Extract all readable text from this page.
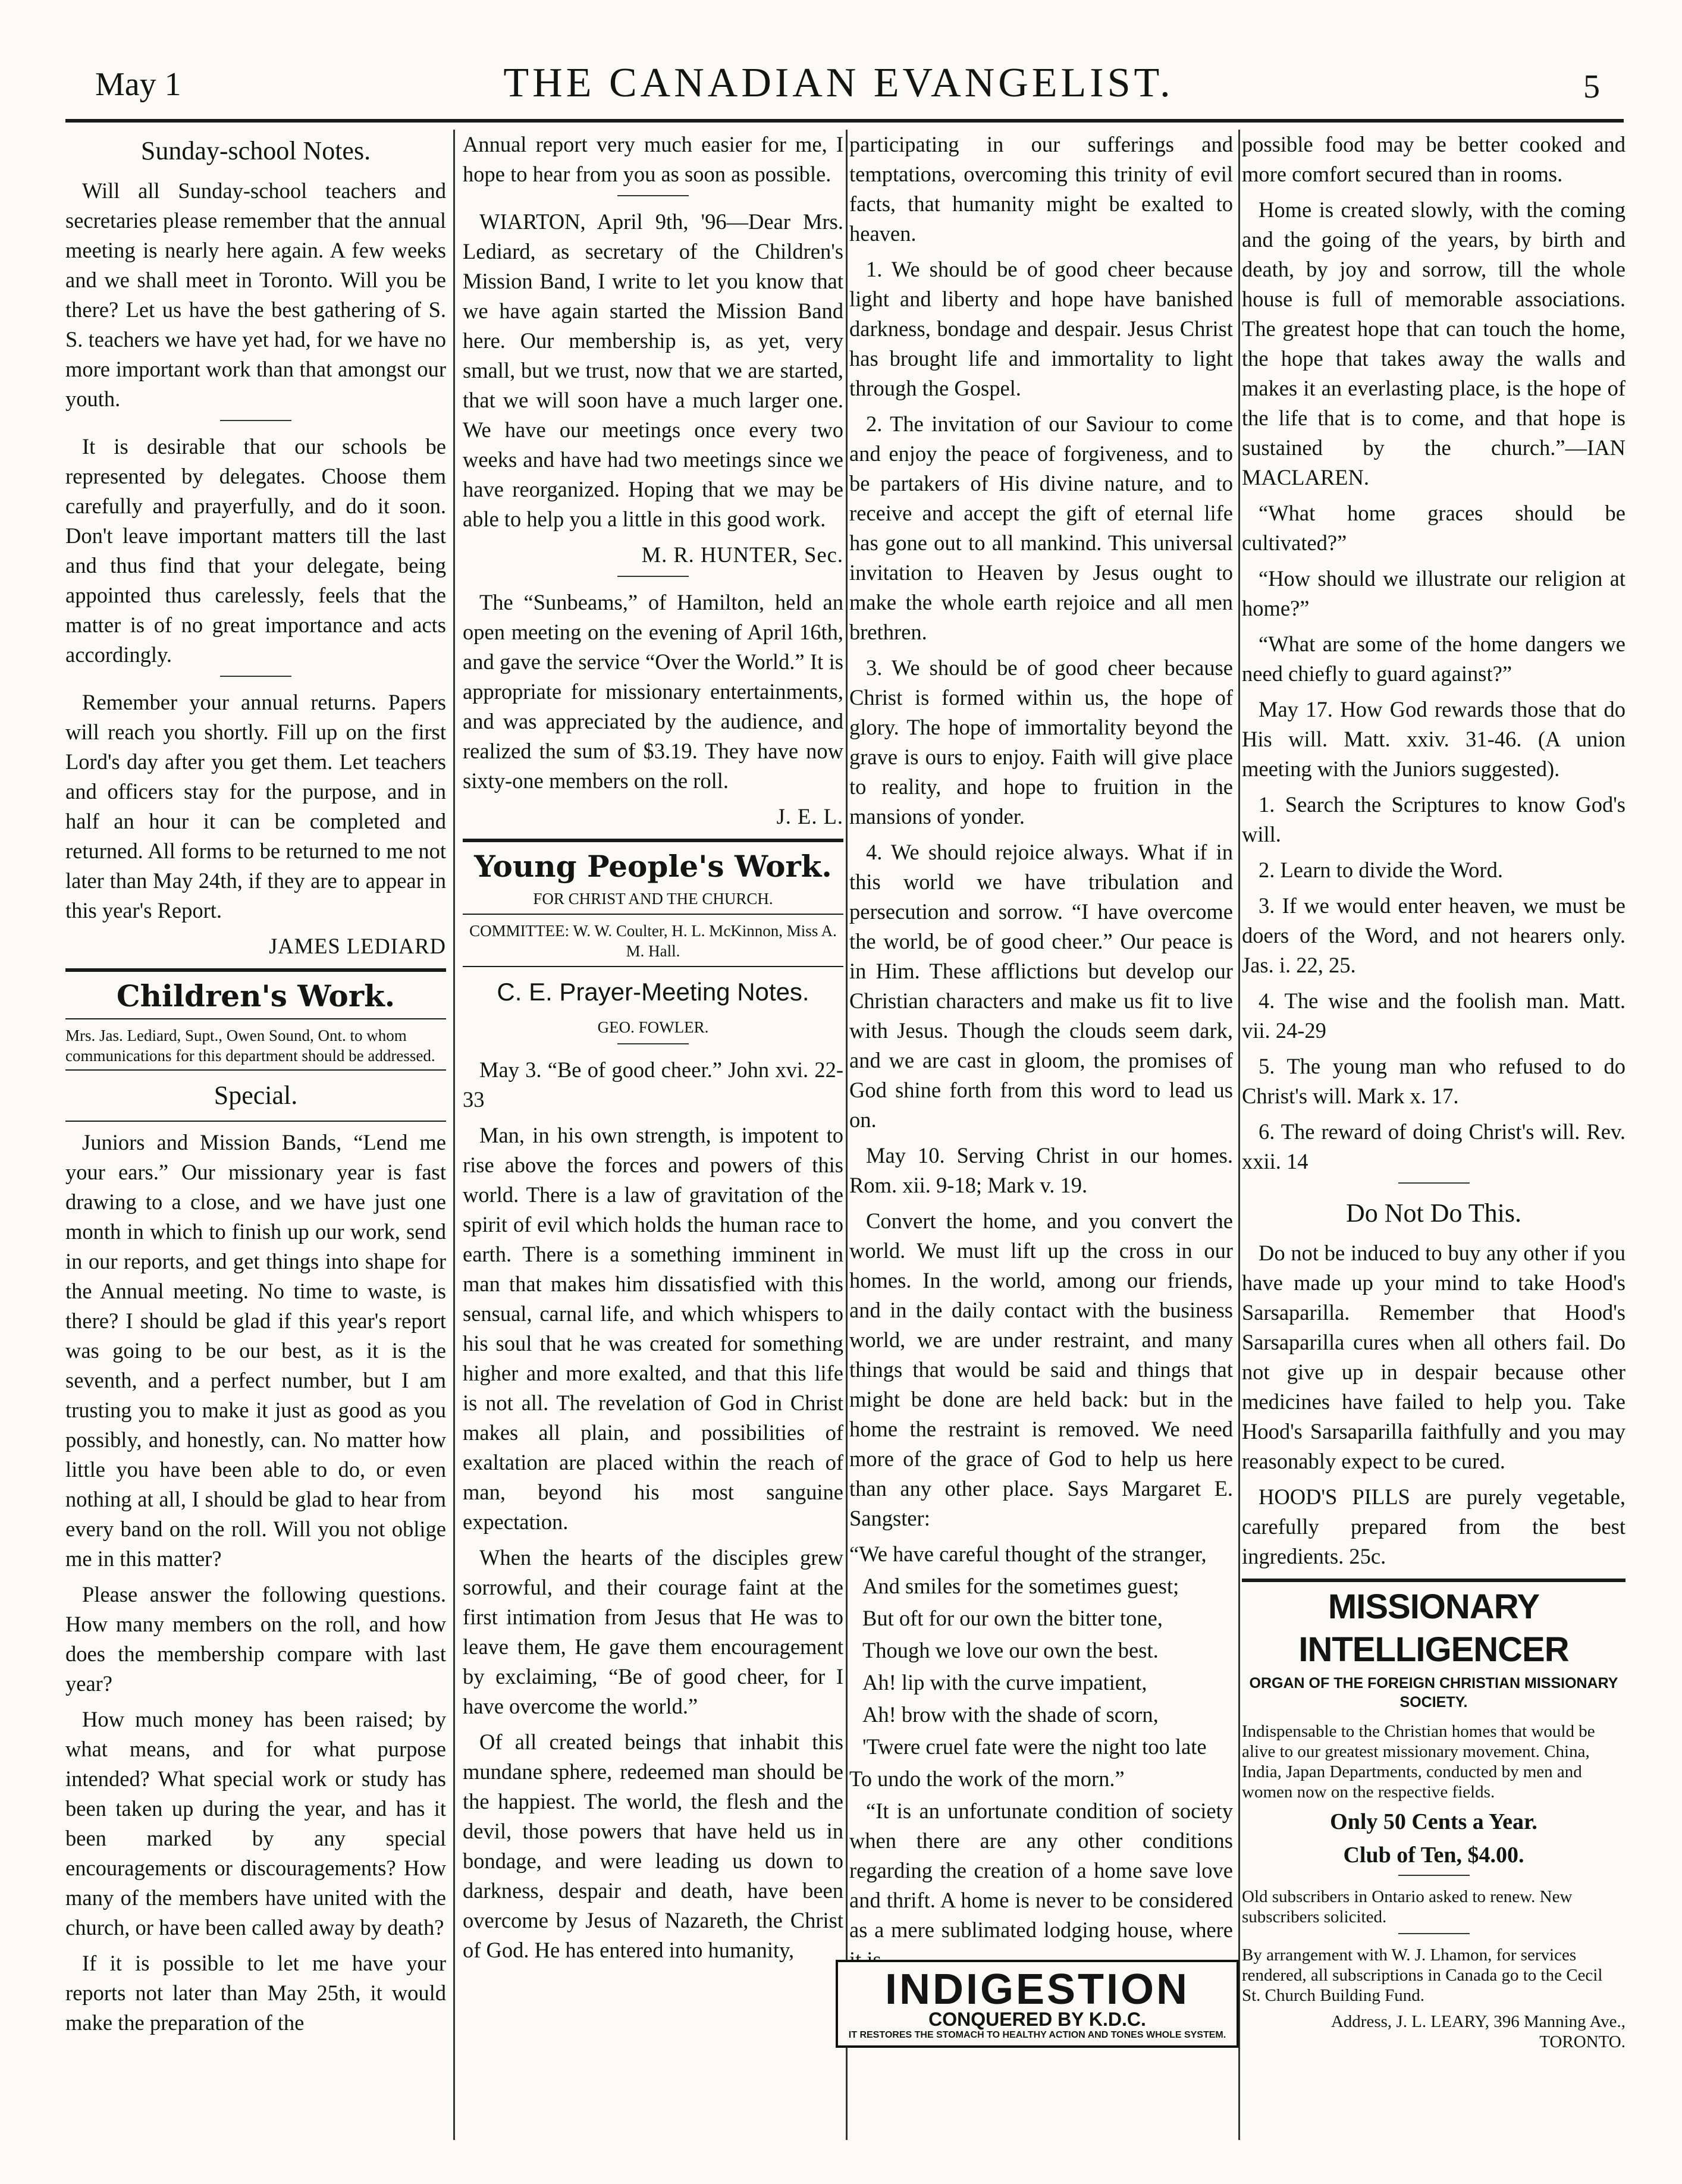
May 1	THE CANADIAN EVANGELIST.	5
Sunday-school Notes.

Will all Sunday-school teachers and secretaries please remember that the annual meeting is nearly here again. A few weeks and we shall meet in Toronto. Will you be there? Let us have the best gathering of S. S. teachers we have yet had, for we have no more important work than that amongst our youth.

It is desirable that our schools be represented by delegates. Choose them carefully and prayerfully, and do it soon. Don't leave important matters till the last and thus find that your delegate, being appointed thus carelessly, feels that the matter is of no great importance and acts accordingly.

Remember your annual returns. Papers will reach you shortly. Fill up on the first Lord's day after you get them. Let teachers and officers stay for the purpose, and in half an hour it can be completed and returned. All forms to be returned to me not later than May 24th, if they are to appear in this year's Report.

JAMES LEDIARD

Children's Work.

Mrs. Jas. Lediard, Supt., Owen Sound, Ont. to whom communications for this department should be addressed.

Special.

Juniors and Mission Bands, “Lend me your ears.” Our missionary year is fast drawing to a close, and we have just one month in which to finish up our work, send in our reports, and get things into shape for the Annual meeting. No time to waste, is there? I should be glad if this year's report was going to be our best, as it is the seventh, and a perfect number, but I am trusting you to make it just as good as you possibly, and honestly, can. No matter how little you have been able to do, or even nothing at all, I should be glad to hear from every band on the roll. Will you not oblige me in this matter?

Please answer the following questions. How many members on the roll, and how does the membership compare with last year?

How much money has been raised; by what means, and for what purpose intended? What special work or study has been taken up during the year, and has it been marked by any special encouragements or discouragements? How many of the members have united with the church, or have been called away by death?

If it is possible to let me have your reports not later than May 25th, it would make the preparation of the

Annual report very much easier for me, I hope to hear from you as soon as possible.

WIARTON, April 9th, '96—Dear Mrs. Lediard, as secretary of the Children's Mission Band, I write to let you know that we have again started the Mission Band here. Our membership is, as yet, very small, but we trust, now that we are started, that we will soon have a much larger one. We have our meetings once every two weeks and have had two meetings since we have reorganized. Hoping that we may be able to help you a little in this good work.

M. R. HUNTER, Sec.

The “Sunbeams,” of Hamilton, held an open meeting on the evening of April 16th, and gave the service “Over the World.” It is appropriate for missionary entertainments, and was appreciated by the audience, and realized the sum of $3.19. They have now sixty-one members on the roll.

J. E. L.

Young People's Work.
FOR CHRIST AND THE CHURCH.
COMMITTEE: W. W. Coulter, H. L. McKinnon, Miss A. M. Hall.
C. E. Prayer-Meeting Notes.
GEO. FOWLER.

May 3. “Be of good cheer.” John xvi. 22-33

Man, in his own strength, is impotent to rise above the forces and powers of this world. There is a law of gravitation of the spirit of evil which holds the human race to earth. There is a something imminent in man that makes him dissatisfied with this sensual, carnal life, and which whispers to his soul that he was created for something higher and more exalted, and that this life is not all. The revelation of God in Christ makes all plain, and possibilities of exaltation are placed within the reach of man, beyond his most sanguine expectation.

When the hearts of the disciples grew sorrowful, and their courage faint at the first intimation from Jesus that He was to leave them, He gave them encouragement by exclaiming, “Be of good cheer, for I have overcome the world.”

Of all created beings that inhabit this mundane sphere, redeemed man should be the happiest. The world, the flesh and the devil, those powers that have held us in bondage, and were leading us down to darkness, despair and death, have been overcome by Jesus of Nazareth, the Christ of God. He has entered into humanity,

participating in our sufferings and temptations, overcoming this trinity of evil facts, that humanity might be exalted to heaven.

1. We should be of good cheer because light and liberty and hope have banished darkness, bondage and despair. Jesus Christ has brought life and immortality to light through the Gospel.

2. The invitation of our Saviour to come and enjoy the peace of forgiveness, and to be partakers of His divine nature, and to receive and accept the gift of eternal life has gone out to all mankind. This universal invitation to Heaven by Jesus ought to make the whole earth rejoice and all men brethren.

3. We should be of good cheer because Christ is formed within us, the hope of glory. The hope of immortality beyond the grave is ours to enjoy. Faith will give place to reality, and hope to fruition in the mansions of yonder.

4. We should rejoice always. What if in this world we have tribulation and persecution and sorrow. “I have overcome the world, be of good cheer.” Our peace is in Him. These afflictions but develop our Christian characters and make us fit to live with Jesus. Though the clouds seem dark, and we are cast in gloom, the promises of God shine forth from this word to lead us on.

May 10. Serving Christ in our homes. Rom. xii. 9-18; Mark v. 19.

Convert the home, and you convert the world. We must lift up the cross in our homes. In the world, among our friends, and in the daily contact with the business world, we are under restraint, and many things that would be said and things that might be done are held back: but in the home the restraint is removed. We need more of the grace of God to help us here than any other place. Says Margaret E. Sangster:

“We have careful thought of the stranger,

And smiles for the sometimes guest;

But oft for our own the bitter tone,

Though we love our own the best.

Ah! lip with the curve impatient,

Ah! brow with the shade of scorn,

'Twere cruel fate were the night too late

To undo the work of the morn.”

“It is an unfortunate condition of society when there are any other conditions regarding the creation of a home save love and thrift. A home is never to be considered as a mere sublimated lodging house, where

INDIGESTION
CONQUERED BY K.D.C.
IT RESTORES THE STOMACH TO HEALTHY ACTION AND TONES WHOLE SYSTEM.

possible food may be better cooked and more comfort secured than in rooms.

Home is created slowly, with the coming and the going of the years, by birth and death, by joy and sorrow, till the whole house is full of memorable associations. The greatest hope that can touch the home, the hope that takes away the walls and makes it an everlasting place, is the hope of the life that is to come, and that hope is sustained by the church.”—IAN MACLAREN.

“What home graces should be cultivated?”

“How should we illustrate our religion at home?”

“What are some of the home dangers we need chiefly to guard against?”

May 17. How God rewards those that do His will. Matt. xxiv. 31-46. (A union meeting with the Juniors suggested).

1. Search the Scriptures to know God's will.

2. Learn to divide the Word.

3. If we would enter heaven, we must be doers of the Word, and not hearers only. Jas. i. 22, 25.

4. The wise and the foolish man. Matt. vii. 24-29

5. The young man who refused to do Christ's will. Mark x. 17.

6. The reward of doing Christ's will. Rev. xxii. 14

Do Not Do This.

Do not be induced to buy any other if you have made up your mind to take Hood's Sarsaparilla. Remember that Hood's Sarsaparilla cures when all others fail. Do not give up in despair because other medicines have failed to help you. Take Hood's Sarsaparilla faithfully and you may reasonably expect to be cured.

HOOD'S PILLS are purely vegetable, carefully prepared from the best ingredients. 25c.

MISSIONARY INTELLIGENCER
ORGAN OF THE FOREIGN CHRISTIAN MISSIONARY SOCIETY.

Indispensable to the Christian homes that would be alive to our greatest missionary movement. China, India, Japan Departments, conducted by men and women now on the respective fields.

Only 50 Cents a Year.

Club of Ten, $4.00.

Old subscribers in Ontario asked to renew. New subscribers solicited.

By arrangement with W. J. Lhamon, for services rendered, all subscriptions in Canada go to the Cecil St. Church Building Fund.

Address, J. L. LEARY, 396 Manning Ave., TORONTO.
